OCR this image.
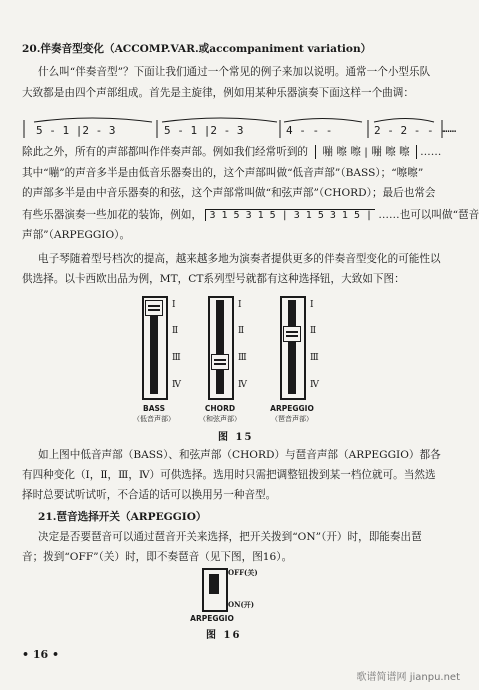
20.伴奏音型变化（ACCOMP.VAR.或accompaniment variation）
什么叫“伴奏音型”？下面让我们通过一个常见的例子来加以说明。通常一个小型乐队
大致都是由四个声部组成。首先是主旋律，例如用某种乐器演奏下面这样一个曲调：
5 - 1 |2 - 3	5 - 1 |2 - 3	4 - - -	2 - 2 - - -
……
除此之外，所有的声部都叫作伴奏声部。例如我们经常听到的 嘣 嚓 嚓 | 嘣 嚓 嚓 ……
其中“嘣”的声音多半是由低音乐器奏出的，这个声部叫做“低音声部”（BASS）；“嚓嚓”
的声部多半是由中音乐器奏的和弦，这个声部常叫做“和弦声部”（CHORD）；最后也常会
有些乐器演奏一些加花的装饰，例如， 3 1 5 3 1 5 | 3 1 5 3 1 5 | ……也可以叫做“琶音
声部”（ARPEGGIO）。
电子琴随着型号档次的提高，越来越多地为演奏者提供更多的伴奏音型变化的可能性以
供选择。以卡西欧出品为例，MT，CT系列型号就都有这种选择钮，大致如下图：
Ⅰ
Ⅱ
Ⅲ
Ⅳ
BASS
（低音声部）
Ⅰ
Ⅱ
Ⅲ
Ⅳ
CHORD
（和弦声部）
Ⅰ
Ⅱ
Ⅲ
Ⅳ
ARPEGGIO
（琶音声部）
图 15
如上图中低音声部（BASS）、和弦声部（CHORD）与琶音声部（ARPEGGIO）都各
有四种变化（Ⅰ，Ⅱ，Ⅲ，Ⅳ）可供选择。选用时只需把调整钮拨到某一档位就可。当然选
择时总要试听试听，不合适的话可以换用另一种音型。
21.琶音选择开关（ARPEGGIO）
决定是否要琶音可以通过琶音开关来选择，把开关拨到“ON”（开）时，即能奏出琶
音；拨到“OFF”（关）时，即不奏琶音（见下图，图16）。
OFF(关)
ON(开)
ARPEGGIO
图 16
• 16 •
歌谱简谱网 jianpu.net
